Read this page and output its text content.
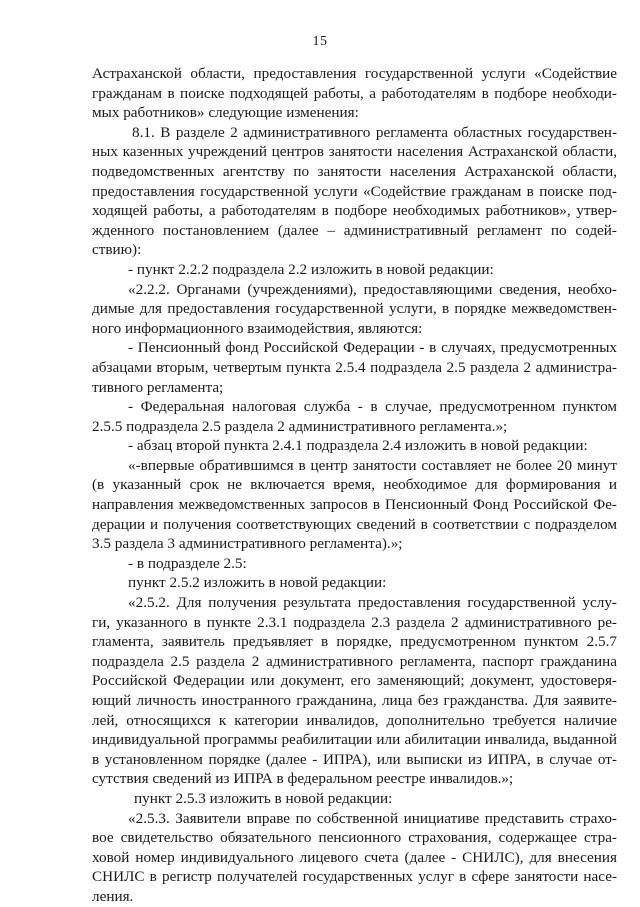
15
Астраханской области, предоставления государственной услуги «Содействие
гражданам в поиске подходящей работы, а работодателям в подборе необходи-
мых работников» следующие изменения:
8.1. В разделе 2 административного регламента областных государствен-
ных казенных учреждений центров занятости населения Астраханской области,
подведомственных агентству по занятости населения Астраханской области,
предоставления государственной услуги «Содействие гражданам в поиске под-
ходящей работы, а работодателям в подборе необходимых работников», утвер-
жденного постановлением (далее – административный регламент по содей-
ствию):
- пункт 2.2.2 подраздела 2.2 изложить в новой редакции:
«2.2.2. Органами (учреждениями), предоставляющими сведения, необхо-
димые для предоставления государственной услуги, в порядке межведомствен-
ного информационного взаимодействия, являются:
- Пенсионный фонд Российской Федерации - в случаях, предусмотренных
абзацами вторым, четвертым пункта 2.5.4 подраздела 2.5 раздела 2 администра-
тивного регламента;
- Федеральная налоговая служба - в случае, предусмотренном пунктом
2.5.5 подраздела 2.5 раздела 2 административного регламента.»;
- абзац второй пункта 2.4.1 подраздела 2.4 изложить в новой редакции:
«-впервые обратившимся в центр занятости составляет не более 20 минут
(в указанный срок не включается время, необходимое для формирования и
направления межведомственных запросов в Пенсионный Фонд Российской Фе-
дерации и получения соответствующих сведений в соответствии с подразделом
3.5 раздела 3 административного регламента).»;
- в подразделе 2.5:
пункт 2.5.2 изложить в новой редакции:
«2.5.2. Для получения результата предоставления государственной услу-
ги, указанного в пункте 2.3.1 подраздела 2.3 раздела 2 административного ре-
гламента, заявитель предъявляет в порядке, предусмотренном пунктом 2.5.7
подраздела 2.5 раздела 2 административного регламента, паспорт гражданина
Российской Федерации или документ, его заменяющий; документ, удостоверя-
ющий личность иностранного гражданина, лица без гражданства. Для заявите-
лей, относящихся к категории инвалидов, дополнительно требуется наличие
индивидуальной программы реабилитации или абилитации инвалида, выданной
в установленном порядке (далее - ИПРА), или выписки из ИПРА, в случае от-
сутствия сведений из ИПРА в федеральном реестре инвалидов.»;
пункт 2.5.3 изложить в новой редакции:
«2.5.3. Заявители вправе по собственной инициативе представить страхо-
вое свидетельство обязательного пенсионного страхования, содержащее стра-
ховой номер индивидуального лицевого счета (далее - СНИЛС), для внесения
СНИЛС в регистр получателей государственных услуг в сфере занятости насе-
ления.
